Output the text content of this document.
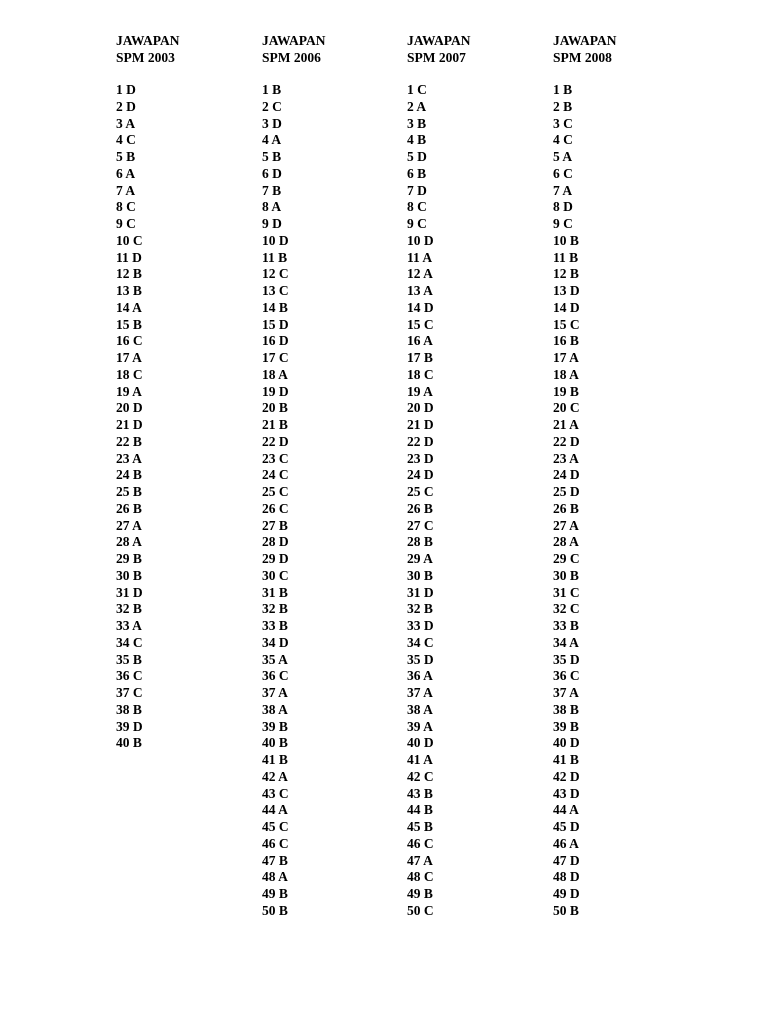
JAWAPAN
SPM 2003
1 D
2 D
3 A
4 C
5 B
6 A
7 A
8 C
9 C
10 C
11 D
12 B
13 B
14 A
15 B
16 C
17 A
18 C
19 A
20 D
21 D
22 B
23 A
24 B
25 B
26 B
27 A
28 A
29 B
30 B
31 D
32 B
33 A
34 C
35 B
36 C
37 C
38 B
39 D
40 B
JAWAPAN
SPM 2006
1 B
2 C
3 D
4 A
5 B
6 D
7 B
8 A
9 D
10 D
11 B
12 C
13 C
14 B
15 D
16 D
17 C
18 A
19 D
20 B
21 B
22 D
23 C
24 C
25 C
26 C
27 B
28 D
29 D
30 C
31 B
32 B
33 B
34 D
35 A
36 C
37 A
38 A
39 B
40 B
41 B
42 A
43 C
44 A
45 C
46 C
47 B
48 A
49 B
50 B
JAWAPAN
SPM 2007
1 C
2 A
3 B
4 B
5 D
6 B
7 D
8 C
9 C
10 D
11 A
12 A
13 A
14 D
15 C
16 A
17 B
18 C
19 A
20 D
21 D
22 D
23 D
24 D
25 C
26 B
27 C
28 B
29 A
30 B
31 D
32 B
33 D
34 C
35 D
36 A
37 A
38 A
39 A
40 D
41 A
42 C
43 B
44 B
45 B
46 C
47 A
48 C
49 B
50 C
JAWAPAN
SPM 2008
1 B
2 B
3 C
4 C
5 A
6 C
7 A
8 D
9 C
10 B
11 B
12 B
13 D
14 D
15 C
16 B
17 A
18 A
19 B
20 C
21 A
22 D
23 A
24 D
25 D
26 B
27 A
28 A
29 C
30 B
31 C
32 C
33 B
34 A
35 D
36 C
37 A
38 B
39 B
40 D
41 B
42 D
43 D
44 A
45 D
46 A
47 D
48 D
49 D
50 B
